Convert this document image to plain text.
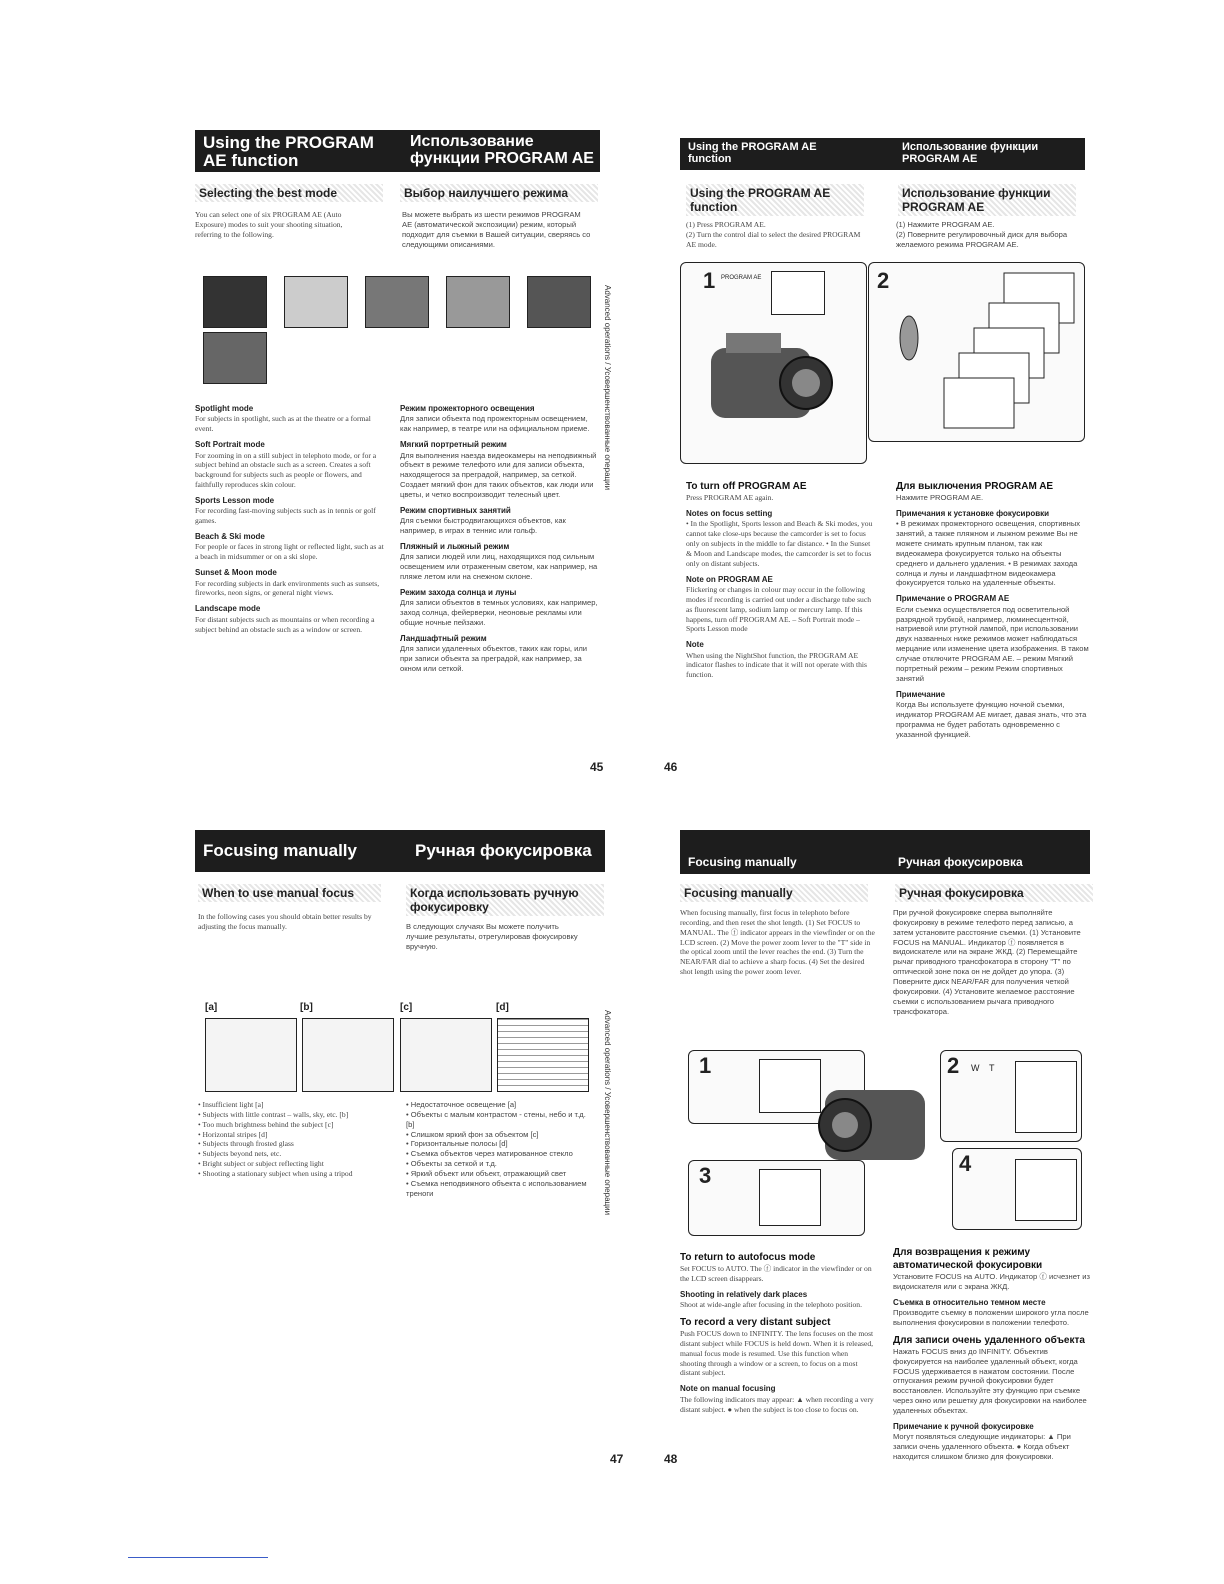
Using the PROGRAM AE function
Использование функции PROGRAM AE
Selecting the best mode	Выбор наилучшего режима
You can select one of six PROGRAM AE (Auto Exposure) modes to suit your shooting situation, referring to the following.
Вы можете выбрать из шести режимов PROGRAM AE (автоматической экспозиции) режим, который подходит для съемки в Вашей ситуации, сверяясь со следующими описаниями.
Spotlight mode
For subjects in spotlight, such as at the theatre or a formal event.
Soft Portrait mode
For zooming in on a still subject in telephoto mode, or for a subject behind an obstacle such as a screen. Creates a soft background for subjects such as people or flowers, and faithfully reproduces skin colour.
Sports Lesson mode
For recording fast-moving subjects such as in tennis or golf games.
Beach & Ski mode
For people or faces in strong light or reflected light, such as at a beach in midsummer or on a ski slope.
Sunset & Moon mode
For recording subjects in dark environments such as sunsets, fireworks, neon signs, or general night views.
Landscape mode
For distant subjects such as mountains or when recording a subject behind an obstacle such as a window or screen.
Режим прожекторного освещения
Для записи объекта под прожекторным освещением, как например, в театре или на официальном приеме.
Мягкий портретный режим
Для выполнения наезда видеокамеры на неподвижный объект в режиме телефото или для записи объекта, находящегося за преградой, например, за сеткой. Создает мягкий фон для таких объектов, как люди или цветы, и четко воспроизводит телесный цвет.
Режим спортивных занятий
Для съемки быстродвигающихся объектов, как например, в играх в теннис или гольф.
Пляжный и лыжный режим
Для записи людей или лиц, находящихся под сильным освещением или отраженным светом, как например, на пляже летом или на снежном склоне.
Режим захода солнца и луны
Для записи объектов в темных условиях, как например, заход солнца, фейерверки, неоновые рекламы или общие ночные пейзажи.
Ландшафтный режим
Для записи удаленных объектов, таких как горы, или при записи объекта за преградой, как например, за окном или сеткой.
Advanced operations / Усовершенствованные операции
45
Using the PROGRAM AE function
Использование функции PROGRAM AE
Using the PROGRAM AE function
Использование функции PROGRAM AE
(1) Press PROGRAM AE.
(2) Turn the control dial to select the desired PROGRAM AE mode.
(1) Нажмите PROGRAM AE.
(2) Поверните регулировочный диск для выбора желаемого режима PROGRAM AE.
1 PROGRAM AE	2
To turn off PROGRAM AE
Press PROGRAM AE again.
Notes on focus setting
• In the Spotlight, Sports lesson and Beach & Ski modes, you cannot take close-ups because the camcorder is set to focus only on subjects in the middle to far distance. • In the Sunset & Moon and Landscape modes, the camcorder is set to focus only on distant subjects.
Note on PROGRAM AE
Flickering or changes in colour may occur in the following modes if recording is carried out under a discharge tube such as fluorescent lamp, sodium lamp or mercury lamp. If this happens, turn off PROGRAM AE. – Soft Portrait mode – Sports Lesson mode
Note
When using the NightShot function, the PROGRAM AE indicator flashes to indicate that it will not operate with this function.
Для выключения PROGRAM AE
Нажмите PROGRAM AE.
Примечания к установке фокусировки
• В режимах прожекторного освещения, спортивных занятий, а также пляжном и лыжном режиме Вы не можете снимать крупным планом, так как видеокамера фокусируется только на объекты среднего и дальнего удаления. • В режимах захода солнца и луны и ландшафтном видеокамера фокусируется только на удаленные объекты.
Примечание о PROGRAM AE
Если съемка осуществляется под осветительной разрядной трубкой, например, люминесцентной, натриевой или ртутной лампой, при использовании двух названных ниже режимов может наблюдаться мерцание или изменение цвета изображения. В таком случае отключите PROGRAM AE. – режим Мягкий портретный режим – режим Режим спортивных занятий
Примечание
Когда Вы используете функцию ночной съемки, индикатор PROGRAM AE мигает, давая знать, что эта программа не будет работать одновременно с указанной функцией.
46
Focusing manually	Ручная фокусировка
When to use manual focus	Когда использовать ручную фокусировку
In the following cases you should obtain better results by adjusting the focus manually.	В следующих случаях Вы можете получить лучшие результаты, отрегулировав фокусировку вручную.
[a]	[b]	[c]	[d]
• Insufficient light [a]
• Subjects with little contrast – walls, sky, etc. [b]
• Too much brightness behind the subject [c]
• Horizontal stripes [d]
• Subjects through frosted glass
• Subjects beyond nets, etc.
• Bright subject or subject reflecting light
• Shooting a stationary subject when using a tripod
• Недостаточное освещение [a]
• Объекты с малым контрастом - стены, небо и т.д. [b]
• Слишком яркий фон за объектом [c]
• Горизонтальные полосы [d]
• Съемка объектов через матированное стекло
• Объекты за сеткой и т.д.
• Яркий объект или объект, отражающий свет
• Съемка неподвижного объекта с использованием треноги	Advanced operations / Усовершенствованные операции
47
Focusing manually	Ручная фокусировка
Focusing manually	Ручная фокусировка
When focusing manually, first focus in telephoto before recording, and then reset the shot length. (1) Set FOCUS to MANUAL. The ⓕ indicator appears in the viewfinder or on the LCD screen. (2) Move the power zoom lever to the "T" side in the optical zoom until the lever reaches the end. (3) Turn the NEAR/FAR dial to achieve a sharp focus. (4) Set the desired shot length using the power zoom lever.
При ручной фокусировке сперва выполняйте фокусировку в режиме телефото перед записью, а затем установите расстояние съемки. (1) Установите FOCUS на MANUAL. Индикатор ⓕ появляется в видоискателе или на экране ЖКД. (2) Перемещайте рычаг приводного трансфокатора в сторону "T" по оптической зоне пока он не дойдет до упора. (3) Поверните диск NEAR/FAR для получения четкой фокусировки. (4) Установите желаемое расстояние съемки с использованием рычага приводного трансфокатора.
1	2 W T
3	4
To return to autofocus mode
Set FOCUS to AUTO. The ⓕ indicator in the viewfinder or on the LCD screen disappears.
Shooting in relatively dark places
Shoot at wide-angle after focusing in the telephoto position.
To record a very distant subject
Push FOCUS down to INFINITY. The lens focuses on the most distant subject while FOCUS is held down. When it is released, manual focus mode is resumed. Use this function when shooting through a window or a screen, to focus on a most distant subject.
Note on manual focusing
The following indicators may appear: ▲ when recording a very distant subject. ● when the subject is too close to focus on.
Для возвращения к режиму автоматической фокусировки
Установите FOCUS на AUTO. Индикатор ⓕ исчезнет из видоискателя или с экрана ЖКД.
Съемка в относительно темном месте
Производите съемку в положении широкого угла после выполнения фокусировки в положении телефото.
Для записи очень удаленного объекта
Нажать FOCUS вниз до INFINITY. Объектив фокусируется на наиболее удаленный объект, когда FOCUS удерживается в нажатом состоянии. После отпускания режим ручной фокусировки будет восстановлен. Используйте эту функцию при съемке через окно или решетку для фокусировки на наиболее удаленных объектах.
Примечание к ручной фокусировке
Могут появляться следующие индикаторы: ▲ При записи очень удаленного объекта. ● Когда объект находится слишком близко для фокусировки.
48
